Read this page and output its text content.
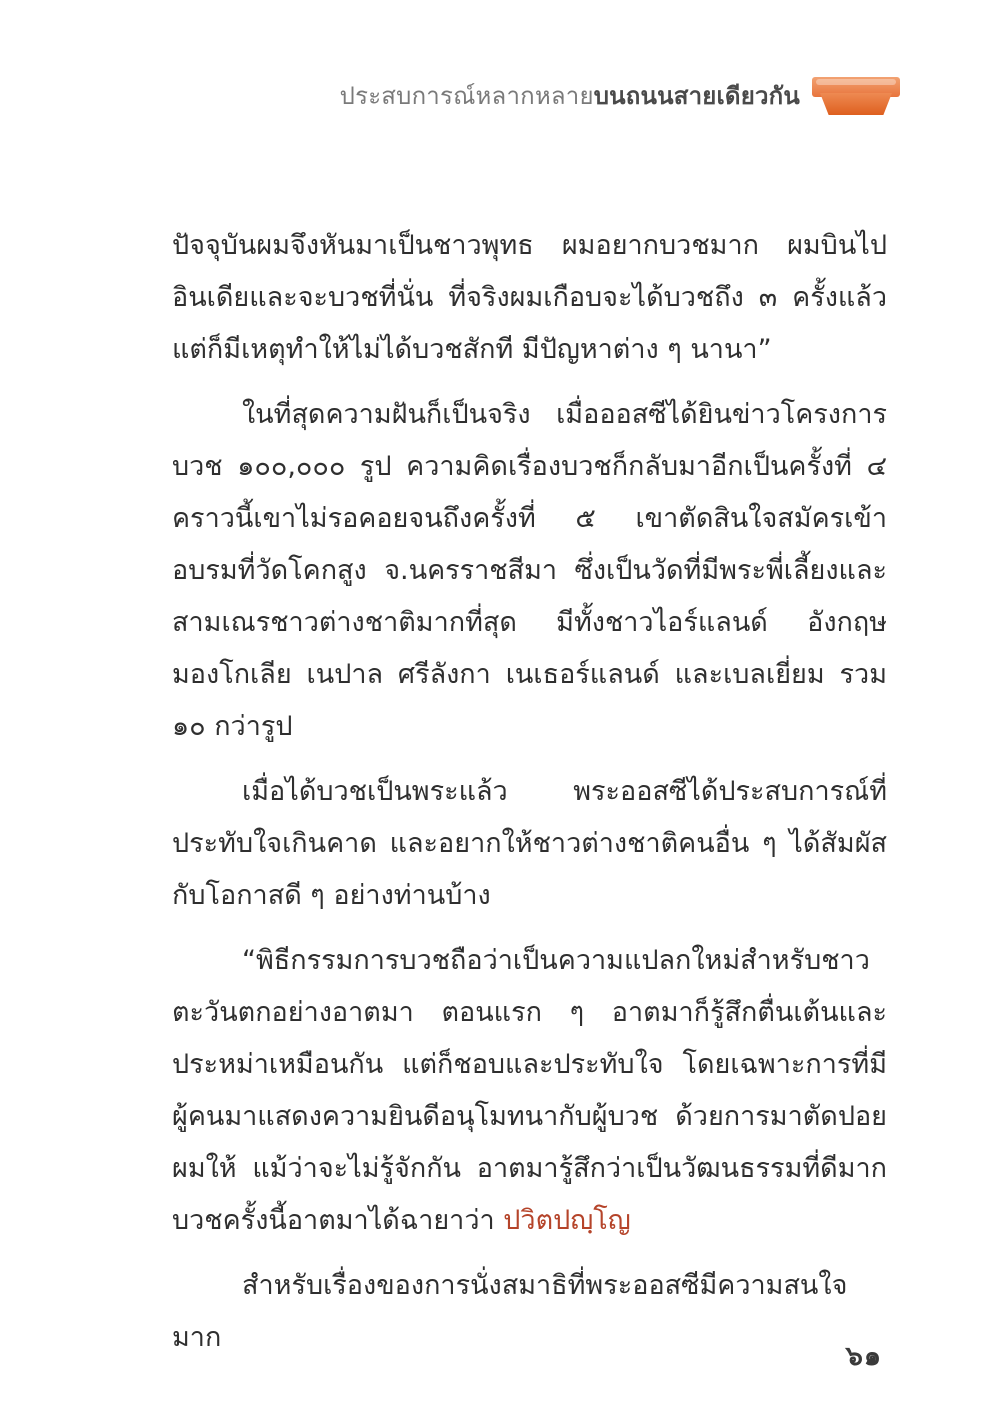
ประสบการณ์หลากหลายบนถนนสายเดียวกัน

ปัจจุบันผมจึงหันมาเป็นชาวพุทธ ผมอยากบวชมาก ผมบินไปอินเดียและจะบวชที่นั่น ที่จริงผมเกือบจะได้บวชถึง ๓ ครั้งแล้ว แต่ก็มีเหตุทำให้ไม่ได้บวชสักที มีปัญหาต่าง ๆ นานา”

ในที่สุดความฝันก็เป็นจริง เมื่อออสซีได้ยินข่าวโครงการบวช ๑๐๐,๐๐๐ รูป ความคิดเรื่องบวชก็กลับมาอีกเป็นครั้งที่ ๔ คราวนี้เขาไม่รอคอยจนถึงครั้งที่ ๕ เขาตัดสินใจสมัครเข้าอบรมที่วัดโคกสูง จ.นครราชสีมา ซึ่งเป็นวัดที่มีพระพี่เลี้ยงและสามเณรชาวต่างชาติมากที่สุด มีทั้งชาวไอร์แลนด์ อังกฤษ มองโกเลีย เนปาล ศรีลังกา เนเธอร์แลนด์ และเบลเยี่ยม รวม ๑๐ กว่ารูป

เมื่อได้บวชเป็นพระแล้ว พระออสซีได้ประสบการณ์ที่ประทับใจเกินคาด และอยากให้ชาวต่างชาติคนอื่น ๆ ได้สัมผัสกับโอกาสดี ๆ อย่างท่านบ้าง

“พิธีกรรมการบวชถือว่าเป็นความแปลกใหม่สำหรับชาวตะวันตกอย่างอาตมา ตอนแรก ๆ อาตมาก็รู้สึกตื่นเต้นและประหม่าเหมือนกัน แต่ก็ชอบและประทับใจ โดยเฉพาะการที่มีผู้คนมาแสดงความยินดีอนุโมทนากับผู้บวช ด้วยการมาตัดปอยผมให้ แม้ว่าจะไม่รู้จักกัน อาตมารู้สึกว่าเป็นวัฒนธรรมที่ดีมาก บวชครั้งนี้อาตมาได้ฉายาว่า ปวิตปญฺโญ

สำหรับเรื่องของการนั่งสมาธิที่พระออสซีมีความสนใจมาก

๖๑
